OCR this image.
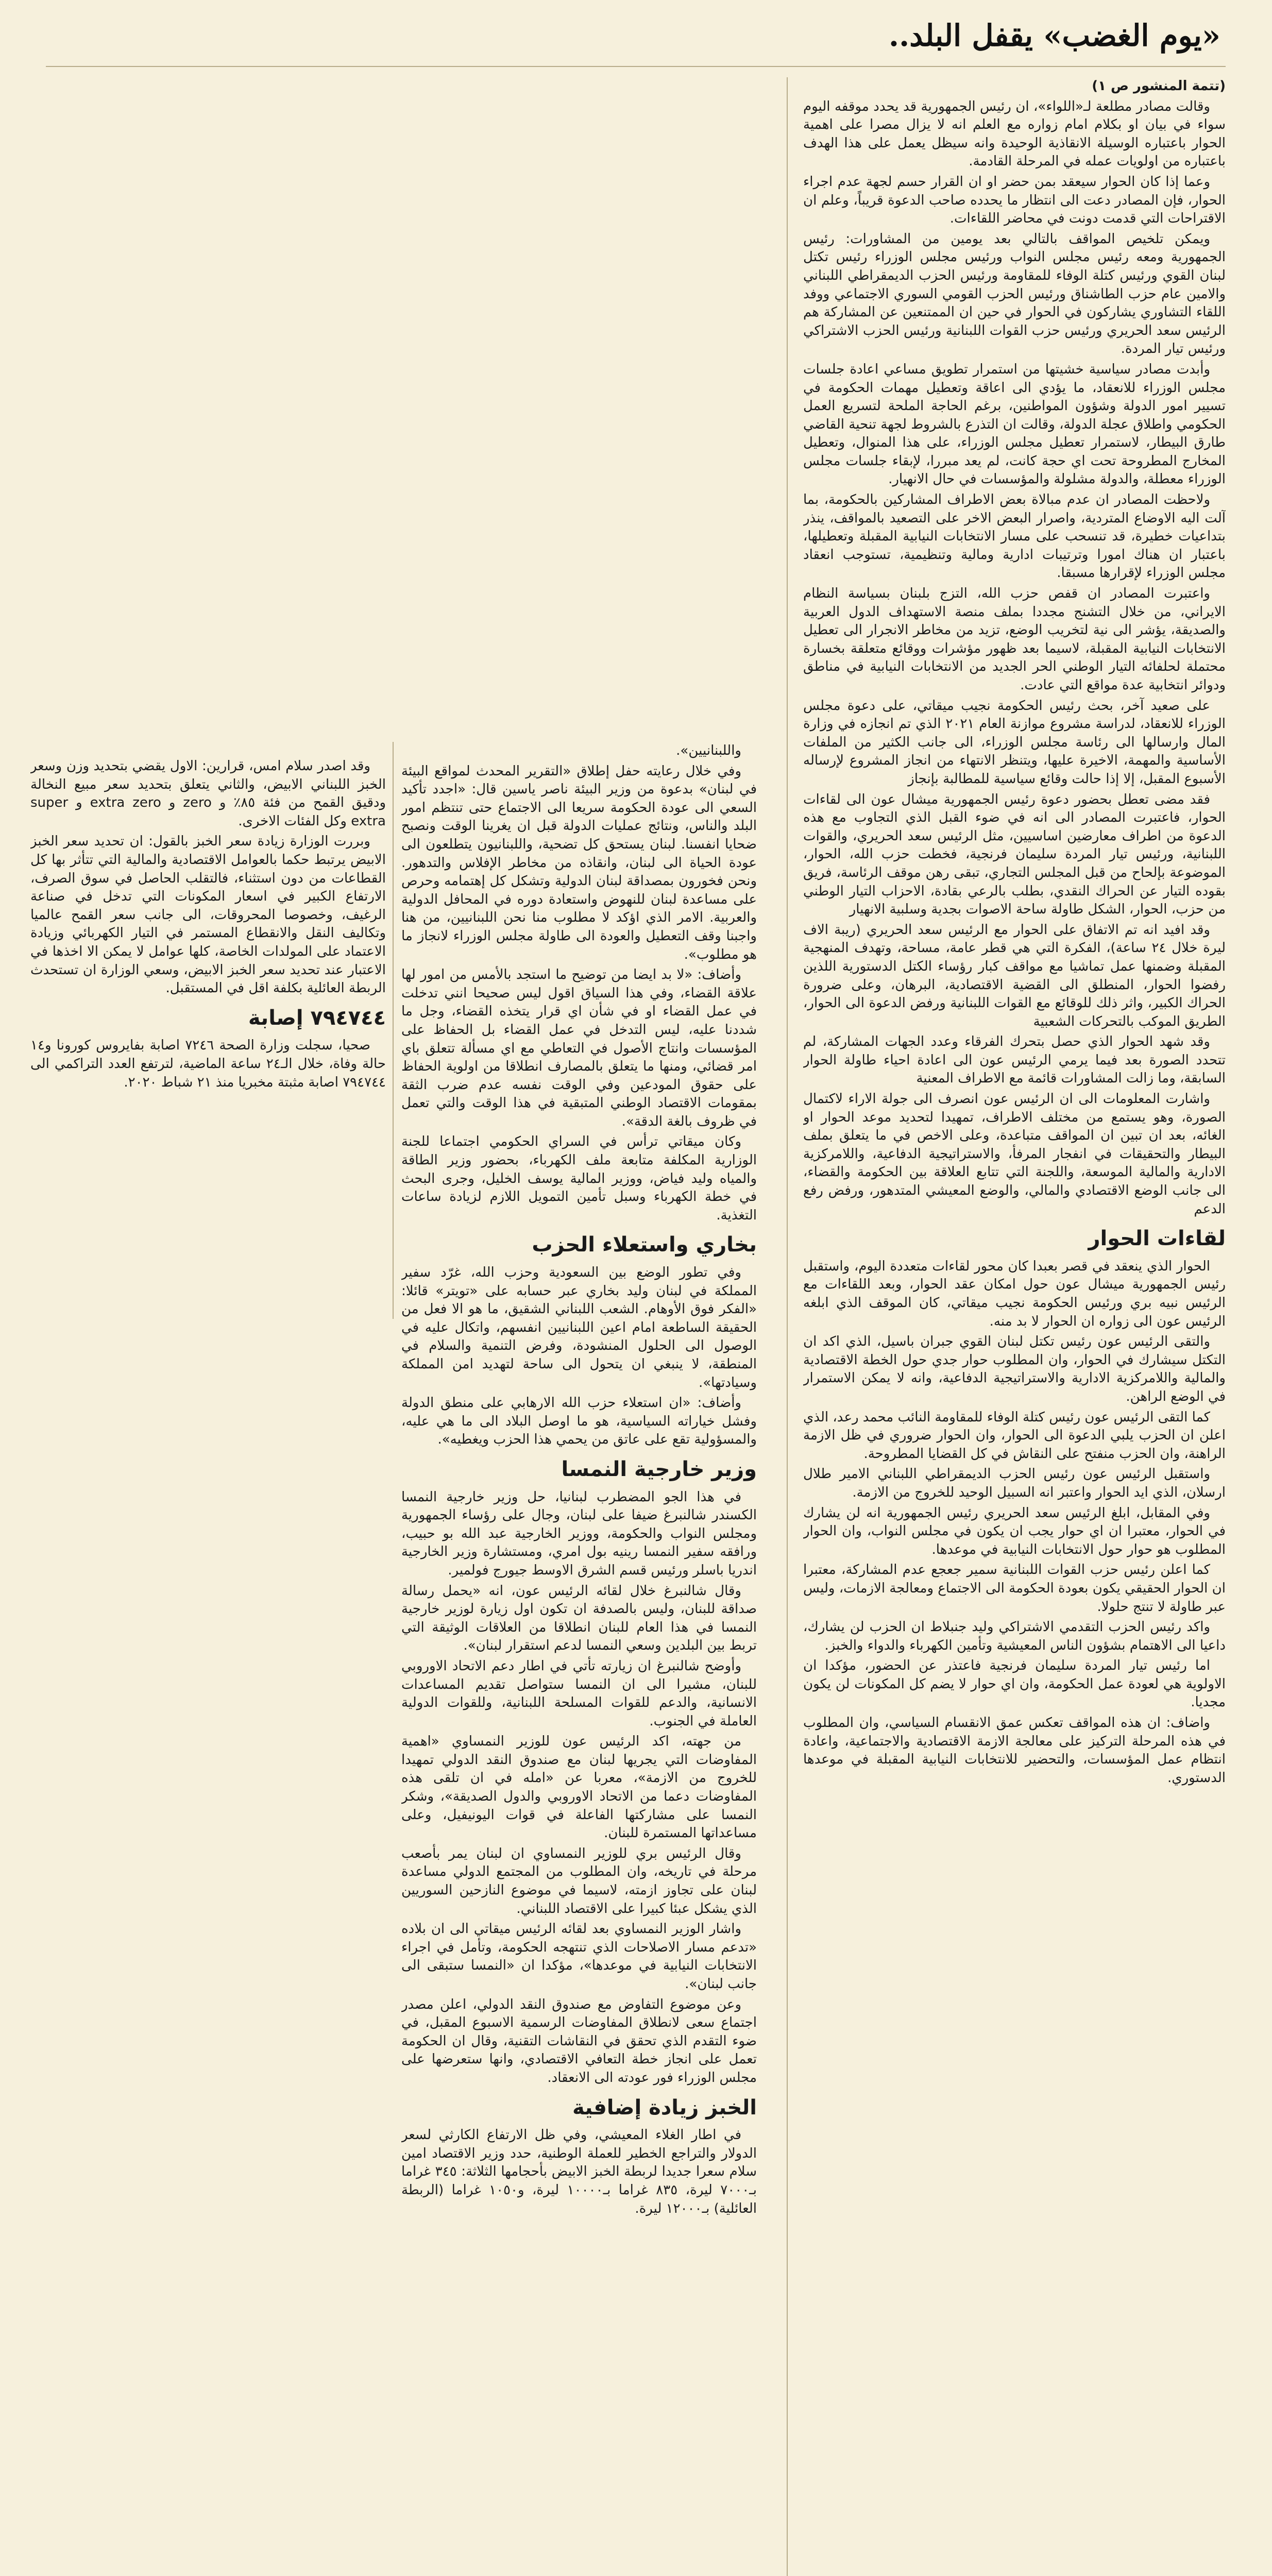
«يوم الغضب» يقفل البلد..

(تتمة المنشور ص ١)

وقالت مصادر مطلعة لـ«اللواء»، ان رئيس الجمهورية قد يحدد موقفه اليوم سواء في بيان او بكلام امام زواره مع العلم انه لا يزال مصرا على اهمية الحوار باعتباره الوسيلة الانقاذية الوحيدة وانه سيظل يعمل على هذا الهدف باعتباره من اولويات عمله في المرحلة القادمة.

وعما إذا كان الحوار سيعقد بمن حضر او ان القرار حسم لجهة عدم اجراء الحوار، فإن المصادر دعت الى انتظار ما يحدده صاحب الدعوة قريباً، وعلم ان الاقتراحات التي قدمت دونت في محاضر اللقاءات.

ويمكن تلخيص المواقف بالتالي بعد يومين من المشاورات: رئيس الجمهورية ومعه رئيس مجلس النواب ورئيس مجلس الوزراء رئيس تكتل لبنان القوي ورئيس كتلة الوفاء للمقاومة ورئيس الحزب الديمقراطي اللبناني والامين عام حزب الطاشناق ورئيس الحزب القومي السوري الاجتماعي ووفد اللقاء التشاوري يشاركون في الحوار في حين ان الممتنعين عن المشاركة هم الرئيس سعد الحريري ورئيس حزب القوات اللبنانية ورئيس الحزب الاشتراكي ورئيس تيار المردة.

وأبدت مصادر سياسية خشيتها من استمرار تطويق مساعي اعادة جلسات مجلس الوزراء للانعقاد، ما يؤدي الى اعاقة وتعطيل مهمات الحكومة في تسيير امور الدولة وشؤون المواطنين، برغم الحاجة الملحة لتسريع العمل الحكومي واطلاق عجلة الدولة، وقالت ان التذرع بالشروط لجهة تنحية القاضي طارق البيطار، لاستمرار تعطيل مجلس الوزراء، على هذا المنوال، وتعطيل المخارج المطروحة تحت اي حجة كانت، لم يعد مبررا، لإبقاء جلسات مجلس الوزراء معطلة، والدولة مشلولة والمؤسسات في حال الانهيار.

ولاحظت المصادر ان عدم مبالاة بعض الاطراف المشاركين بالحكومة، بما آلت اليه الاوضاع المتردية، واصرار البعض الاخر على التصعيد بالمواقف، ينذر بتداعيات خطيرة، قد تنسحب على مسار الانتخابات النيابية المقبلة وتعطيلها، باعتبار ان هناك امورا وترتيبات ادارية ومالية وتنظيمية، تستوجب انعقاد مجلس الوزراء لإقرارها مسبقا.

واعتبرت المصادر ان قفص حزب الله، التزج بلبنان بسياسة النظام الايراني، من خلال التشنج مجددا بملف منصة الاستهداف الدول العربية والصديقة، يؤشر الى نية لتخريب الوضع، تزيد من مخاطر الانجرار الى تعطيل الانتخابات النيابية المقبلة، لاسيما بعد ظهور مؤشرات ووقائع متعلقة بخسارة محتملة لحلفائه التيار الوطني الحر الجديد من الانتخابات النيابية في مناطق ودوائر انتخابية عدة مواقع التي عادت.

على صعيد آخر، بحث رئيس الحكومة نجيب ميقاتي، على دعوة مجلس الوزراء للانعقاد، لدراسة مشروع موازنة العام ٢٠٢١ الذي تم انجازه في وزارة المال وارسالها الى رئاسة مجلس الوزراء، الى جانب الكثير من الملفات الأساسية والمهمة، الاخيرة عليها، ويتنظر الانتهاء من انجاز المشروع لإرساله الأسبوع المقبل، إلا إذا حالت وقائع سياسية للمطالبة بإنجاز

فقد مضى تعطل بحضور دعوة رئيس الجمهورية ميشال عون الى لقاءات الحوار، فاعتبرت المصادر الى انه في ضوء القبل الذي التجاوب مع هذه الدعوة من اطراف معارضين اساسيين، مثل الرئيس سعد الحريري، والقوات اللبنانية، ورئيس تيار المردة سليمان فرنجية، فخطت حزب الله، الحوار، الموضوعة بإلحاح من قبل المجلس التجاري، تبقى رهن موقف الرئاسة، فريق بقوده التيار عن الحراك النقدي، بطلب بالرعي بقادة، الاحزاب التيار الوطني من حزب، الحوار، الشكل طاولة ساحة الاصوات بجدية وسلبية الانهيار

وقد افيد انه تم الاتفاق على الحوار مع الرئيس سعد الحريري (ريبة الاف ليرة خلال ٢٤ ساعة)، الفكرة التي هي قطر عامة، مساحة، وتهدف المنهجية المقبلة وضمنها عمل تماشيا مع مواقف كبار رؤساء الكتل الدستورية اللذين رفضوا الحوار، المنطلق الى القضية الاقتصادية، البرهان، وعلى ضرورة الحراك الكبير، واثر ذلك للوقائع مع القوات اللبنانية ورفض الدعوة الى الحوار، الطريق الموكب بالتحركات الشعبية

وقد شهد الحوار الذي حصل بتحرك الفرقاء وعدد الجهات المشاركة، لم تتحدد الصورة بعد فيما يرمي الرئيس عون الى اعادة احياء طاولة الحوار السابقة، وما زالت المشاورات قائمة مع الاطراف المعنية

واشارت المعلومات الى ان الرئيس عون انصرف الى جولة الاراء لاكتمال الصورة، وهو يستمع من مختلف الاطراف، تمهيدا لتحديد موعد الحوار او الغائه، بعد ان تبين ان المواقف متباعدة، وعلى الاخص في ما يتعلق بملف البيطار والتحقيقات في انفجار المرفأ، والاستراتيجية الدفاعية، واللامركزية الادارية والمالية الموسعة، واللجنة التي تتابع العلاقة بين الحكومة والقضاء، الى جانب الوضع الاقتصادي والمالي، والوضع المعيشي المتدهور، ورفض رفع الدعم

لقاءات الحوار

الحوار الذي ينعقد في قصر بعبدا كان محور لقاءات متعددة اليوم، واستقبل رئيس الجمهورية ميشال عون حول امكان عقد الحوار، وبعد اللقاءات مع الرئيس نبيه بري ورئيس الحكومة نجيب ميقاتي، كان الموقف الذي ابلغه الرئيس عون الى زواره ان الحوار لا بد منه.

والتقى الرئيس عون رئيس تكتل لبنان القوي جبران باسيل، الذي اكد ان التكتل سيشارك في الحوار، وان المطلوب حوار جدي حول الخطة الاقتصادية والمالية واللامركزية الادارية والاستراتيجية الدفاعية، وانه لا يمكن الاستمرار في الوضع الراهن.

كما التقى الرئيس عون رئيس كتلة الوفاء للمقاومة النائب محمد رعد، الذي اعلن ان الحزب يلبي الدعوة الى الحوار، وان الحوار ضروري في ظل الازمة الراهنة، وان الحزب منفتح على النقاش في كل القضايا المطروحة.

واستقبل الرئيس عون رئيس الحزب الديمقراطي اللبناني الامير طلال ارسلان، الذي ايد الحوار واعتبر انه السبيل الوحيد للخروج من الازمة.

وفي المقابل، ابلغ الرئيس سعد الحريري رئيس الجمهورية انه لن يشارك في الحوار، معتبرا ان اي حوار يجب ان يكون في مجلس النواب، وان الحوار المطلوب هو حوار حول الانتخابات النيابية في موعدها.

كما اعلن رئيس حزب القوات اللبنانية سمير جعجع عدم المشاركة، معتبرا ان الحوار الحقيقي يكون بعودة الحكومة الى الاجتماع ومعالجة الازمات، وليس عبر طاولة لا تنتج حلولا.

واكد رئيس الحزب التقدمي الاشتراكي وليد جنبلاط ان الحزب لن يشارك، داعيا الى الاهتمام بشؤون الناس المعيشية وتأمين الكهرباء والدواء والخبز.

اما رئيس تيار المردة سليمان فرنجية فاعتذر عن الحضور، مؤكدا ان الاولوية هي لعودة عمل الحكومة، وان اي حوار لا يضم كل المكونات لن يكون مجديا.

واضاف: ان هذه المواقف تعكس عمق الانقسام السياسي، وان المطلوب في هذه المرحلة التركيز على معالجة الازمة الاقتصادية والاجتماعية، واعادة انتظام عمل المؤسسات، والتحضير للانتخابات النيابية المقبلة في موعدها الدستوري.

واللبنانيين».

وفي خلال رعايته حفل إطلاق «التقرير المحدث لمواقع البيئة في لبنان» بدعوة من وزير البيئة ناصر ياسين قال: «اجدد تأكيد السعي الى عودة الحكومة سريعا الى الاجتماع حتى تنتظم امور البلد والناس، ونتائج عمليات الدولة قبل ان يغرينا الوقت ونصبح ضحايا انفسنا. لبنان يستحق كل تضحية، واللبنانيون يتطلعون الى عودة الحياة الى لبنان، وانقاذه من مخاطر الإفلاس والتدهور. ونحن فخورون بمصداقة لبنان الدولية وتشكل كل إهتمامه وحرص على مساعدة لبنان للنهوض واستعادة دوره في المحافل الدولية والعربية. الامر الذي اؤكد لا مطلوب منا نحن اللبنانيين، من هنا واجبنا وقف التعطيل والعودة الى طاولة مجلس الوزراء لانجاز ما هو مطلوب».

وأضاف: «لا بد ايضا من توضيح ما استجد بالأمس من امور لها علاقة القضاء، وفي هذا السياق اقول ليس صحيحا انني تدخلت في عمل القضاء او في شأن اي قرار يتخذه القضاء، وجل ما شددنا عليه، ليس التدخل في عمل القضاء بل الحفاظ على المؤسسات وانتاج الأصول في التعاطي مع اي مسألة تتعلق باي امر قضائي، ومنها ما يتعلق بالمصارف انطلاقا من اولوية الحفاظ على حقوق المودعين وفي الوقت نفسه عدم ضرب الثقة بمقومات الاقتصاد الوطني المتبقية في هذا الوقت والتي تعمل في ظروف بالغة الدقة».

وكان ميقاتي ترأس في السراي الحكومي اجتماعا للجنة الوزارية المكلفة متابعة ملف الكهرباء، بحضور وزير الطاقة والمياه وليد فياض، ووزير المالية يوسف الخليل، وجرى البحث في خطة الكهرباء وسبل تأمين التمويل اللازم لزيادة ساعات التغذية.

بخاري واستعلاء الحزب

وفي تطور الوضع بين السعودية وحزب الله، غرّد سفير المملكة في لبنان وليد بخاري عبر حسابه على «تويتر» قائلا: «الفكر فوق الأوهام. الشعب اللبناني الشقيق، ما هو الا فعل من الحقيقة الساطعة امام اعين اللبنانيين انفسهم، واتكال عليه في الوصول الى الحلول المنشودة، وفرض التنمية والسلام في المنطقة، لا ينبغي ان يتحول الى ساحة لتهديد امن المملكة وسيادتها».

وأضاف: «ان استعلاء حزب الله الارهابي على منطق الدولة وفشل خياراته السياسية، هو ما اوصل البلاد الى ما هي عليه، والمسؤولية تقع على عاتق من يحمي هذا الحزب ويغطيه».

وزير خارجية النمسا

في هذا الجو المضطرب لبنانيا، حل وزير خارجية النمسا الكسندر شالنبرغ ضيفا على لبنان، وجال على رؤساء الجمهورية ومجلس النواب والحكومة، ووزير الخارجية عبد الله بو حبيب، ورافقه سفير النمسا رينيه بول امري، ومستشارة وزير الخارجية اندريا باسلر ورئيس قسم الشرق الاوسط جيورج فولمير.

وقال شالنبرغ خلال لقائه الرئيس عون، انه «يحمل رسالة صداقة للبنان، وليس بالصدفة ان تكون اول زيارة لوزير خارجية النمسا في هذا العام للبنان انطلاقا من العلاقات الوثيقة التي تربط بين البلدين وسعي النمسا لدعم استقرار لبنان».

وأوضح شالنبرغ ان زيارته تأتي في اطار دعم الاتحاد الاوروبي للبنان، مشيرا الى ان النمسا ستواصل تقديم المساعدات الانسانية، والدعم للقوات المسلحة اللبنانية، وللقوات الدولية العاملة في الجنوب.

من جهته، اكد الرئيس عون للوزير النمساوي «اهمية المفاوضات التي يجريها لبنان مع صندوق النقد الدولي تمهيدا للخروج من الازمة»، معربا عن «امله في ان تلقى هذه المفاوضات دعما من الاتحاد الاوروبي والدول الصديقة»، وشكر النمسا على مشاركتها الفاعلة في قوات اليونيفيل، وعلى مساعداتها المستمرة للبنان.

وقال الرئيس بري للوزير النمساوي ان لبنان يمر بأصعب مرحلة في تاريخه، وان المطلوب من المجتمع الدولي مساعدة لبنان على تجاوز ازمته، لاسيما في موضوع النازحين السوريين الذي يشكل عبئا كبيرا على الاقتصاد اللبناني.

واشار الوزير النمساوي بعد لقائه الرئيس ميقاتي الى ان بلاده «تدعم مسار الاصلاحات الذي تنتهجه الحكومة، وتأمل في اجراء الانتخابات النيابية في موعدها»، مؤكدا ان «النمسا ستبقى الى جانب لبنان».

وعن موضوع التفاوض مع صندوق النقد الدولي، اعلن مصدر اجتماع سعى لانطلاق المفاوضات الرسمية الاسبوع المقبل، في ضوء التقدم الذي تحقق في النقاشات التقنية، وقال ان الحكومة تعمل على انجاز خطة التعافي الاقتصادي، وانها ستعرضها على مجلس الوزراء فور عودته الى الانعقاد.

الخبز زيادة إضافية

في اطار الغلاء المعيشي، وفي ظل الارتفاع الكارثي لسعر الدولار والتراجع الخطير للعملة الوطنية، حدد وزير الاقتصاد امين سلام سعرا جديدا لربطة الخبز الابيض بأحجامها الثلاثة: ٣٤٥ غراما بـ٧٠٠٠ ليرة، ٨٣٥ غراما بـ١٠٠٠٠ ليرة، و١٠٥٠ غراما (الربطة العائلية) بـ١٢٠٠٠ ليرة.

وقد اصدر سلام امس، قرارين: الاول يقضي بتحديد وزن وسعر الخبز اللبناني الابيض، والثاني يتعلق بتحديد سعر مبيع النخالة ودقيق القمح من فئة ٨٥٪ و zero و extra zero و super extra وكل الفئات الاخرى.

وبررت الوزارة زيادة سعر الخبز بالقول: ان تحديد سعر الخبز الابيض يرتبط حكما بالعوامل الاقتصادية والمالية التي تتأثر بها كل القطاعات من دون استثناء، فالتقلب الحاصل في سوق الصرف، الارتفاع الكبير في اسعار المكونات التي تدخل في صناعة الرغيف، وخصوصا المحروقات، الى جانب سعر القمح عالميا وتكاليف النقل والانقطاع المستمر في التيار الكهربائي وزيادة الاعتماد على المولدات الخاصة، كلها عوامل لا يمكن الا اخذها في الاعتبار عند تحديد سعر الخبز الابيض، وسعي الوزارة ان تستحدث الربطة العائلية بكلفة اقل في المستقبل.

٧٩٤٧٤٤ إصابة

صحيا، سجلت وزارة الصحة ٧٢٤٦ اصابة بفايروس كورونا و١٤ حالة وفاة، خلال الـ٢٤ ساعة الماضية، لترتفع العدد التراكمي الى ٧٩٤٧٤٤ اصابة مثبتة مخبريا منذ ٢١ شباط ٢٠٢٠.
